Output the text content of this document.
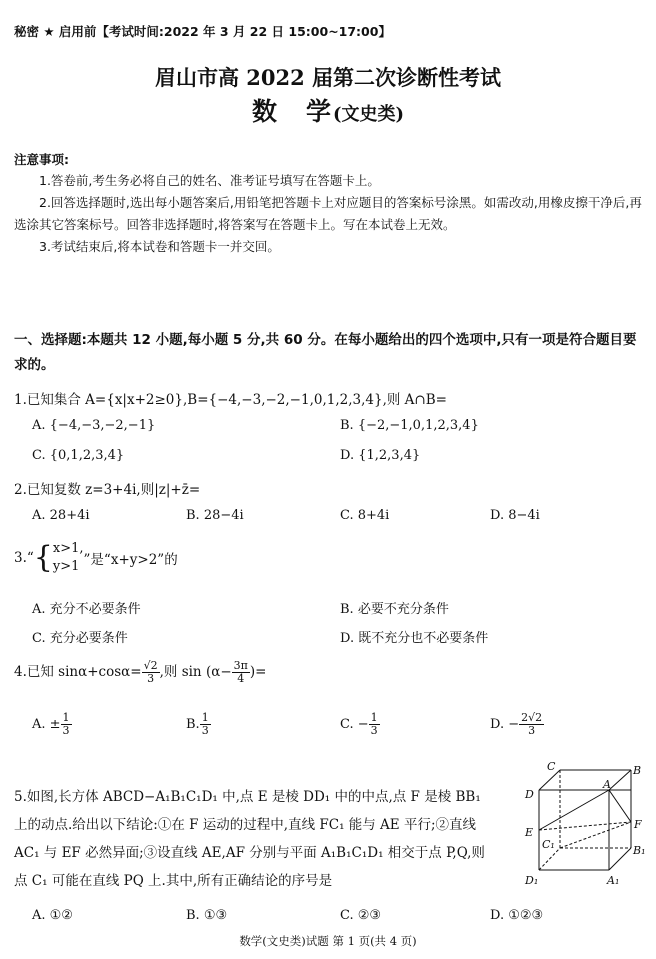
秘密 ★ 启用前【考试时间:2022 年 3 月 22 日 15:00~17:00】
眉山市高 2022 届第二次诊断性考试
数　学(文史类)
注意事项:

1.答卷前,考生务必将自己的姓名、准考证号填写在答题卡上。

2.回答选择题时,选出每小题答案后,用铅笔把答题卡上对应题目的答案标号涂黑。如需改动,用橡皮擦干净后,再选涂其它答案标号。回答非选择题时,将答案写在答题卡上。写在本试卷上无效。

3.考试结束后,将本试卷和答题卡一并交回。

一、选择题:本题共 12 小题,每小题 5 分,共 60 分。在每小题给出的四个选项中,只有一项是符合题目要求的。
1.已知集合 A={x|x+2≥0},B={−4,−3,−2,−1,0,1,2,3,4},则 A∩B=
A. {−4,−3,−2,−1}	B. {−2,−1,0,1,2,3,4}
C. {0,1,2,3,4}	D. {1,2,3,4}
2.已知复数 z=3+4i,则|z|+z̄=
A. 28+4i	B. 28−4i	C. 8+4i	D. 8−4i
3. “ { x>1,
y>1 ”是“x+y>2”的
A. 充分不必要条件	B. 必要不充分条件
C. 充分必要条件	D. 既不充分也不必要条件
4.已知 $\sin\alpha+\cos\alpha= \frac{√2}{3}$ ,则 $\sin (\alpha- \frac{3\pi}{4}$ )=
A. ± $\frac{1}{3}$	B. $\frac{1}{3}$	C. − $\frac{1}{3}$	D. − $\frac{2√2}{3}$
5.如图,长方体 ABCD−A₁B₁C₁D₁ 中,点 E 是棱 DD₁ 中的中点,点 F 是棱 BB₁ 上的动点.给出以下结论:①在 F 运动的过程中,直线 FC₁ 能与 AE 平行;②直线 AC₁ 与 EF 必然异面;③设直线 AE,AF 分别与平面 A₁B₁C₁D₁ 相交于点 P,Q,则点 C₁ 可能在直线 PQ 上.其中,所有正确结论的序号是
C	B
D
A
E
F
C₁	B₁
D₁	A₁
A. ①②	B. ①③	C. ②③	D. ①②③
数学(文史类)试题 第 1 页(共 4 页)
